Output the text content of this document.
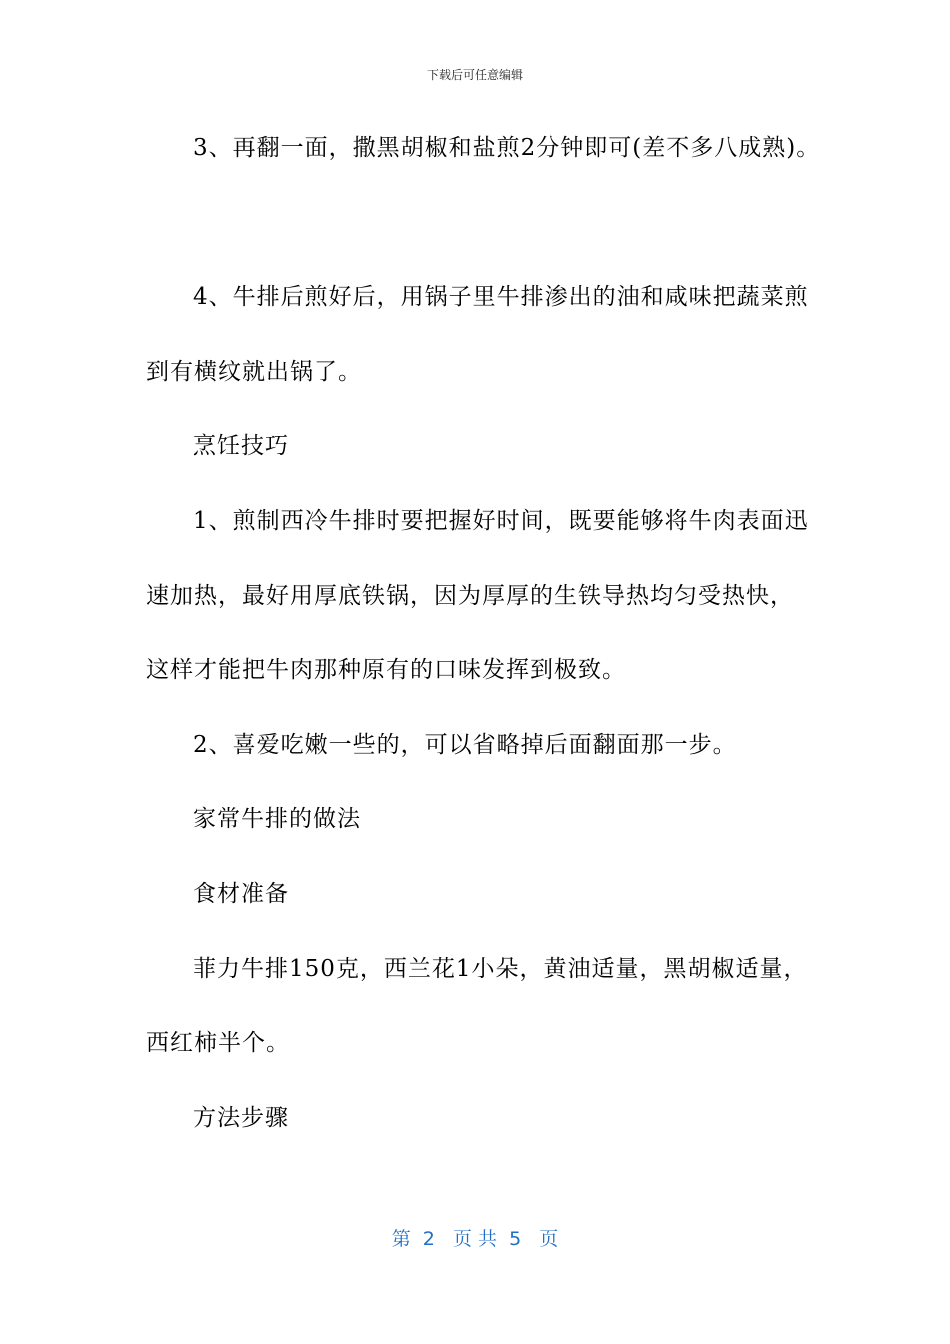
下载后可任意编辑
3、再翻一面，撒黑胡椒和盐煎2分钟即可(差不多八成熟)。
4、牛排后煎好后，用锅子里牛排渗出的油和咸味把蔬菜煎
到有横纹就出锅了。
烹饪技巧
1、煎制西冷牛排时要把握好时间，既要能够将牛肉表面迅
速加热，最好用厚底铁锅，因为厚厚的生铁导热均匀受热快，
这样才能把牛肉那种原有的口味发挥到极致。
2、喜爱吃嫩一些的，可以省略掉后面翻面那一步。
家常牛排的做法
食材准备
菲力牛排150克，西兰花1小朵，黄油适量，黑胡椒适量，
西红柿半个。
方法步骤
第  2   页 共  5   页
